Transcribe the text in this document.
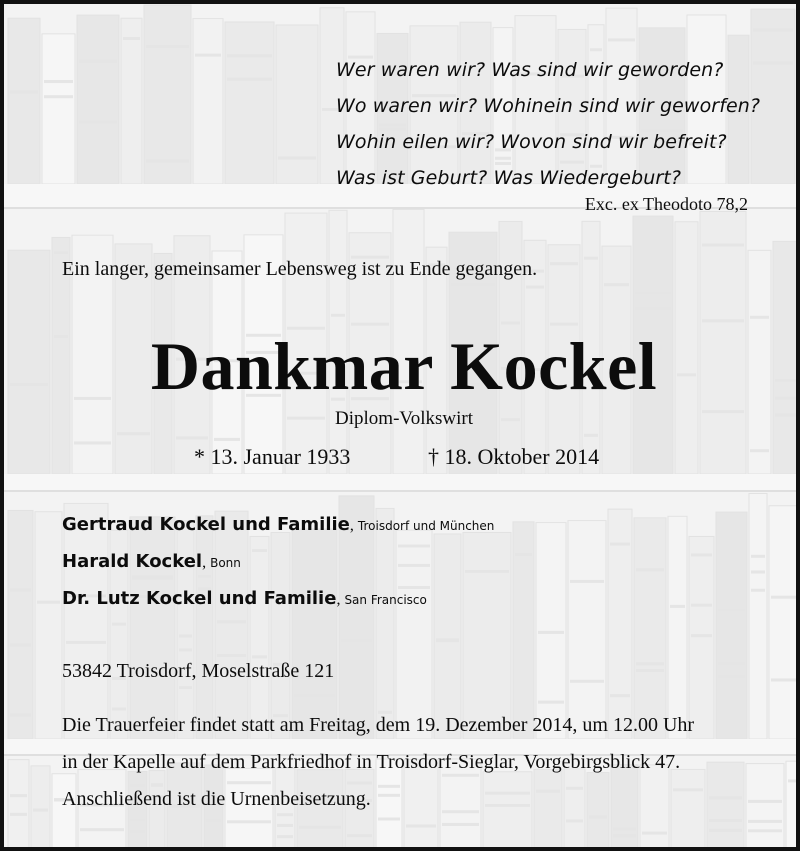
Wer waren wir? Was sind wir geworden?
Wo waren wir? Wohinein sind wir geworfen?
Wohin eilen wir? Wovon sind wir befreit?
Was ist Geburt? Was Wiedergeburt?
Exc. ex Theodoto 78,2
Ein langer, gemeinsamer Lebensweg ist zu Ende gegangen.
Dankmar Kockel
Diplom-Volkswirt
* 13. Januar 1933	† 18. Oktober 2014
Gertraud Kockel und Familie, Troisdorf und München
Harald Kockel, Bonn
Dr. Lutz Kockel und Familie, San Francisco
53842 Troisdorf, Moselstraße 121
Die Trauerfeier findet statt am Freitag, dem 19. Dezember 2014, um 12.00 Uhr
in der Kapelle auf dem Parkfriedhof in Troisdorf-Sieglar, Vorgebirgsblick 47.
Anschließend ist die Urnenbeisetzung.
